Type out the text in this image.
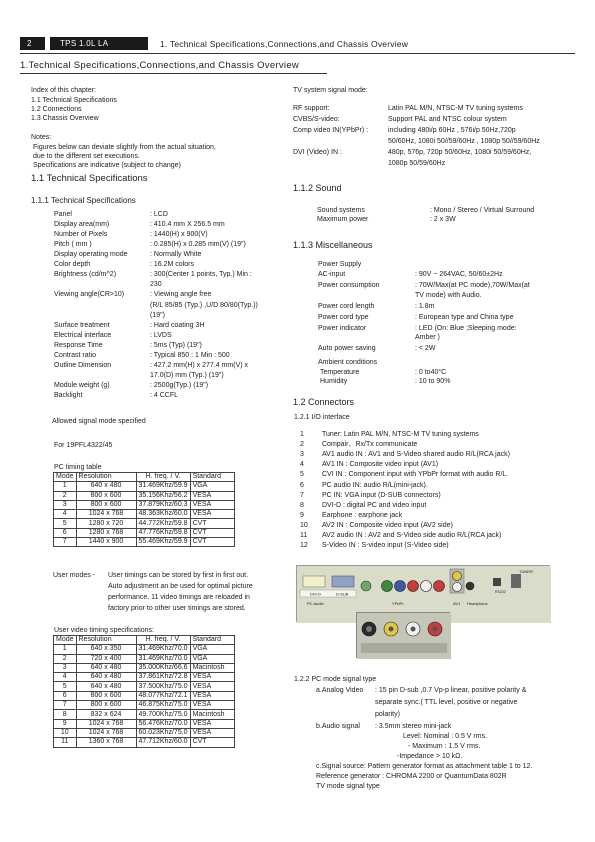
2	TPS 1.0L LA	1. Technical Specifications,Connections,and Chassis Overview
1.Technical Specifications,Connections,and Chassis Overview
Index of this chapter:
1.1 Technical Specifications
1.2 Connections
1.3 Chassis Overview
Notes:
Figures below can deviate slightly from the actual situation,
due to the different set executions.
Specifications are indicative (subject to change)
1.1 Technical Specifications
1.1.1 Technical Specifications
Panel	: LCD
Display area(mm)	: 410.4 mm X 256.5 mm
Number of Pixels	: 1440(H) x 900(V)
Pitch ( mm )	: 0.285(H) x 0.285 mm(V) (19")
Display operating mode	: Normally White
Color depth	: 16.2M colors
Brightness (cd/m^2)	: 300(Center 1 points, Typ.) Min :
230
Viewing angle(CR>10)	: Viewing angle free
(R/L 85/85 (Typ.) ,U/D 80/80(Typ.))
(19")
Surface treatment	: Hard coating 3H
Electrical interface	: LVDS
Response Time	: 5ms (Typ) (19")
Contrast ratio	: Typical 850 : 1 Min : 500
Outline Dimension	: 427.2 mm(H) x 277.4 mm(V) x
17.0(D) mm (Typ.) (19")
Module weight (g)	: 2500g(Typ.) (19")
Backlight	: 4 CCFL
Allowed signal mode specified
For 19PFL4322/45
PC timing table
Mode	Resolution	H. freq. / V.	Standard
1	640 x 480	31.469Khz/59.9	VGA
2	800 x 600	35.156Khz/56.2	VESA
3	800 x 600	37.879Khz/60.3	VESA
4	1024 x 768	48.363Khz/60.0	VESA
5	1280 x 720	44.772Khz/59.8	CVT
6	1280 x 768	47.776Khz/59.8	CVT
7	1440 x 900	55.469Khz/59.9	CVT
User modes - User timings can be stored by first in first out.
Auto adjustment an be used for optimal picture
performance. 11 video timings are reloaded in
factory prior to other user timings are stored.
User video timing specifications:
Mode	Resolution	H. freq. / V.	Standard
1	640 x 350	31.469Khz/70.0	VGA
2	720 x 400	31.469Khz/70.0	VGA
3	640 x 480	35.000Khz/66.6	Macintosh
4	640 x 480	37.861Khz/72.8	VESA
5	640 x 480	37.500Khz/75.0	VESA
6	800 x 600	48.077Khz/72.1	VESA
7	800 x 600	46.875Khz/75.0	VESA
8	832 x 624	49.700Khz/75.0	Macintosh
9	1024 x 768	56.476Khz/70.0	VESA
10	1024 x 768	60.023Khz/75.0	VESA
11	1360 x 768	47.712Khz/60.0	CVT
TV system signal mode:
RF support:	Latin PAL M/N, NTSC-M TV tuning systems
CVBS/S-video:	Support PAL and NTSC colour system
Comp video IN(YPbPr) :	including 480i/p 60Hz , 576i/p 50Hz,720p
50/60Hz, 1080i 50//59/60Hz , 1080p 50//59/60Hz
DVI (Video) IN :	480p, 576p, 720p 50/60Hz, 1080i 50/59/60Hz,
1080p 50/59/60Hz
1.1.2 Sound
Sound systems	: Mono / Stereo / Virtual Surround
Maximum power	: 2 x 3W
1.1.3 Miscellaneous
Power Supply
AC-input	: 90V ~ 264VAC, 50/60±2Hz
Power consumption	: 70W/Max(at PC mode),70W/Max(at
TV mode) with Audio.
Power cord length	: 1.8m
Power cord type	: European type and China type
Power indicator	: LED (On: Blue ;Sleeping mode:
Amber )
Auto power saving	: < 2W
Ambient conditions
Temperature	: 0 to40°C
Humidity	: 10 to 90%
1.2 Connectors
1.2.1 I/O interface
1	Tuner: Latin PAL M/N, NTSC-M TV tuning systems
2	Compair、Rx/Tx communicate
3	AV1 audio IN : AV1 and S-Video shared audio R/L(RCA jack)
4	AV1 IN : Composite video input (AV1)
5	CVI IN : Component input with YPbPr format with audio R/L.
6	PC audio IN: audio R/L(mini-jack).
7	PC IN: VGA input (D-SUB connectors)
8	DVI-D : digital PC and video input
9	Earphone : earphone jack
10 AV2 IN : Composite video input (AV2 side)
11 AV2 audio IN : AV2 and S-Video side audio R/L(RCA jack)
12 S-Video IN : S-video input (S-Video side)
DVI-D	D-SUB
TUNER
RS232
PC Audio	YPbPr	AV1 Headphone
1.2.2 PC mode signal type
a.Analog Video : 15 pin D-sub ,0.7 Vp-p linear, positive polarity &
separate sync.( TTL level, positive or negative
polarity)
b.Audio signal : 3.5mm stereo mini-jack
Level: Nominal : 0.5 V rms.
- Maximum : 1.5 V rms.
-Impedance > 10 kΩ.
c.Signal source: Pattern generator format as attachment table 1 to 12.
Reference generator : CHROMA 2200 or QuantumData 802R
TV mode signal type
